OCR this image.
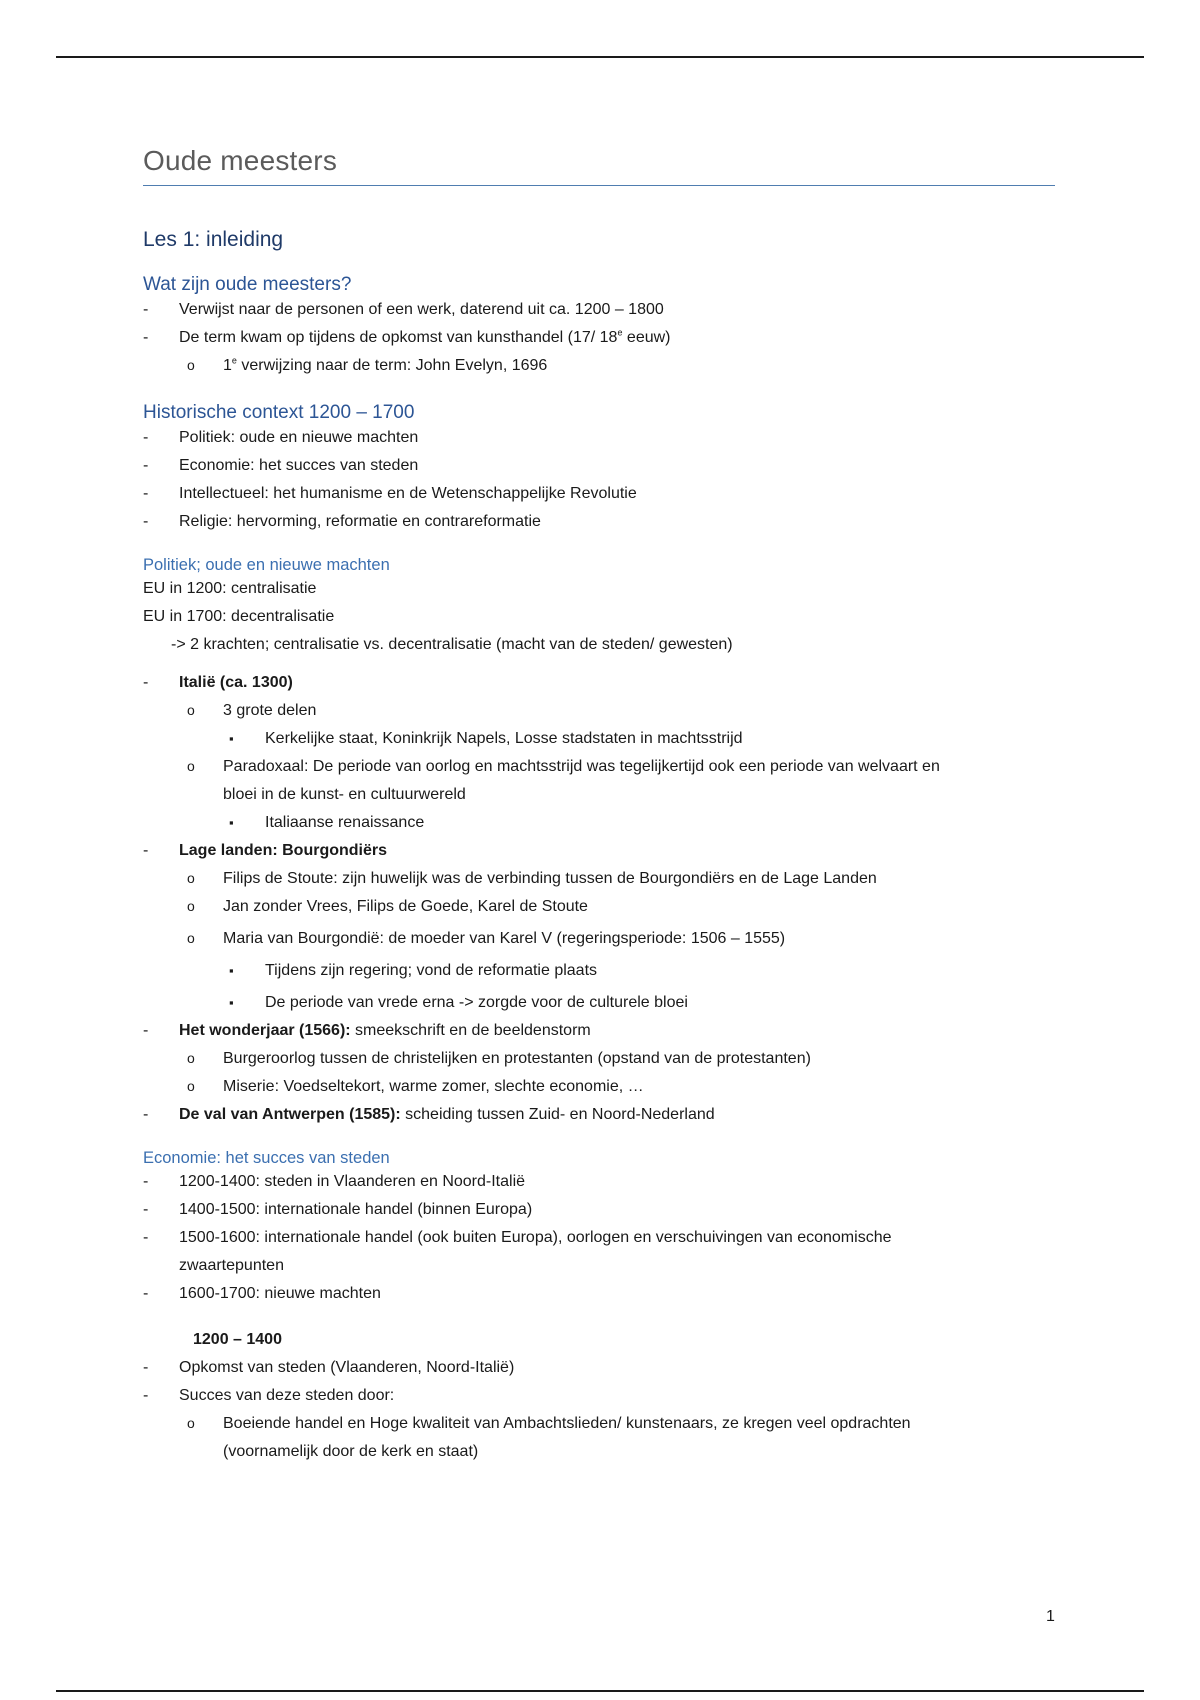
Oude meesters
Les 1: inleiding
Wat zijn oude meesters?

- Verwijst naar de personen of een werk, daterend uit ca. 1200 – 1800

- De term kwam op tijdens de opkomst van kunsthandel (17/ 18e eeuw)

o 1e verwijzing naar de term: John Evelyn, 1696

Historische context 1200 – 1700

- Politiek: oude en nieuwe machten

- Economie: het succes van steden

- Intellectueel: het humanisme en de Wetenschappelijke Revolutie

- Religie: hervorming, reformatie en contrareformatie

Politiek; oude en nieuwe machten

EU in 1200: centralisatie

EU in 1700: decentralisatie

-> 2 krachten; centralisatie vs. decentralisatie (macht van de steden/ gewesten)

- Italië (ca. 1300)

o 3 grote delen

▪ Kerkelijke staat, Koninkrijk Napels, Losse stadstaten in machtsstrijd

o Paradoxaal: De periode van oorlog en machtsstrijd was tegelijkertijd ook een periode van welvaart en

bloei in de kunst- en cultuurwereld

▪ Italiaanse renaissance

- Lage landen: Bourgondiërs

o Filips de Stoute: zijn huwelijk was de verbinding tussen de Bourgondiërs en de Lage Landen

o Jan zonder Vrees, Filips de Goede, Karel de Stoute

o Maria van Bourgondië: de moeder van Karel V (regeringsperiode: 1506 – 1555)

▪ Tijdens zijn regering; vond de reformatie plaats

▪ De periode van vrede erna -> zorgde voor de culturele bloei

- Het wonderjaar (1566): smeekschrift en de beeldenstorm

o Burgeroorlog tussen de christelijken en protestanten (opstand van de protestanten)

o Miserie: Voedseltekort, warme zomer, slechte economie, …

- De val van Antwerpen (1585): scheiding tussen Zuid- en Noord-Nederland

Economie: het succes van steden

- 1200-1400: steden in Vlaanderen en Noord-Italië

- 1400-1500: internationale handel (binnen Europa)

- 1500-1600: internationale handel (ook buiten Europa), oorlogen en verschuivingen van economische

zwaartepunten

- 1600-1700: nieuwe machten

1200 – 1400

- Opkomst van steden (Vlaanderen, Noord-Italië)

- Succes van deze steden door:

o Boeiende handel en Hoge kwaliteit van Ambachtslieden/ kunstenaars, ze kregen veel opdrachten

(voornamelijk door de kerk en staat)

1
